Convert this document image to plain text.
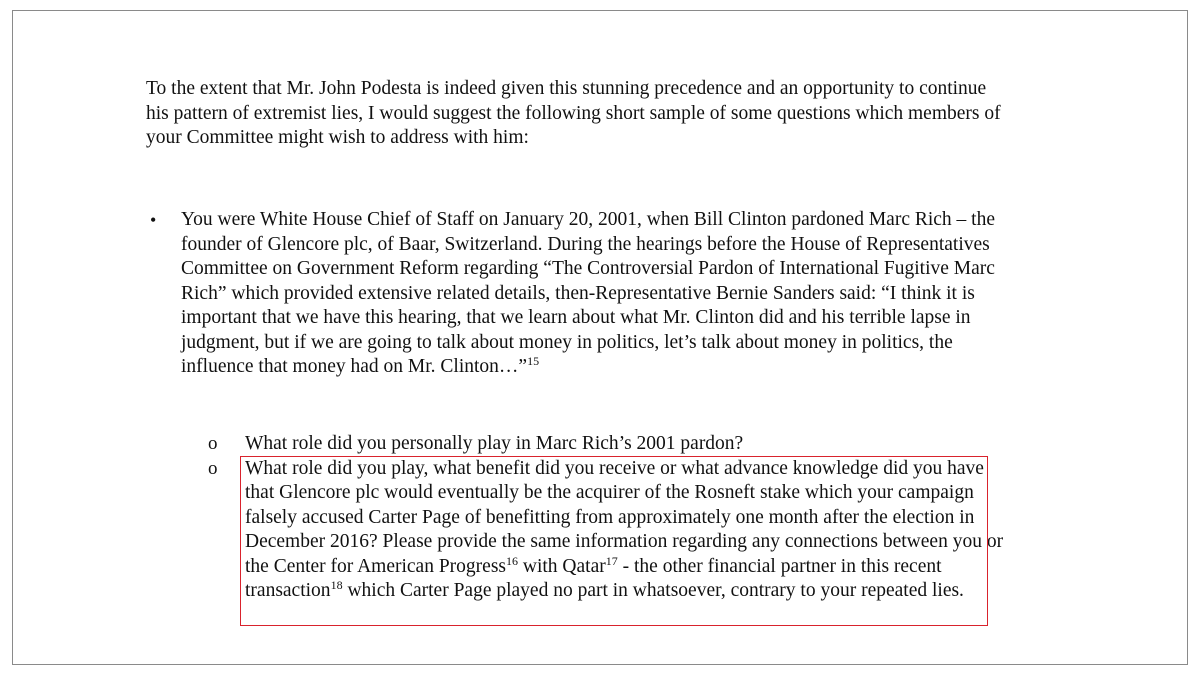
To the extent that Mr. John Podesta is indeed given this stunning precedence and an opportunity to continue his pattern of extremist lies, I would suggest the following short sample of some questions which members of your Committee might wish to address with him:

• You were White House Chief of Staff on January 20, 2001, when Bill Clinton pardoned Marc Rich – the founder of Glencore plc, of Baar, Switzerland. During the hearings before the House of Representatives Committee on Government Reform regarding “The Controversial Pardon of International Fugitive Marc Rich” which provided extensive related details, then-Representative Bernie Sanders said: “I think it is important that we have this hearing, that we learn about what Mr. Clinton did and his terrible lapse in judgment, but if we are going to talk about money in politics, let’s talk about money in politics, the influence that money had on Mr. Clinton…”$^{15}$

o What role did you personally play in Marc Rich’s 2001 pardon?

o What role did you play, what benefit did you receive or what advance knowledge did you have that Glencore plc would eventually be the acquirer of the Rosneft stake which your campaign falsely accused Carter Page of benefitting from approximately one month after the election in December 2016? Please provide the same information regarding any connections between you or the Center for American Progress$^{16}$ with Qatar$^{17}$ - the other financial partner in this recent transaction$^{18}$ which Carter Page played no part in whatsoever, contrary to your repeated lies.
